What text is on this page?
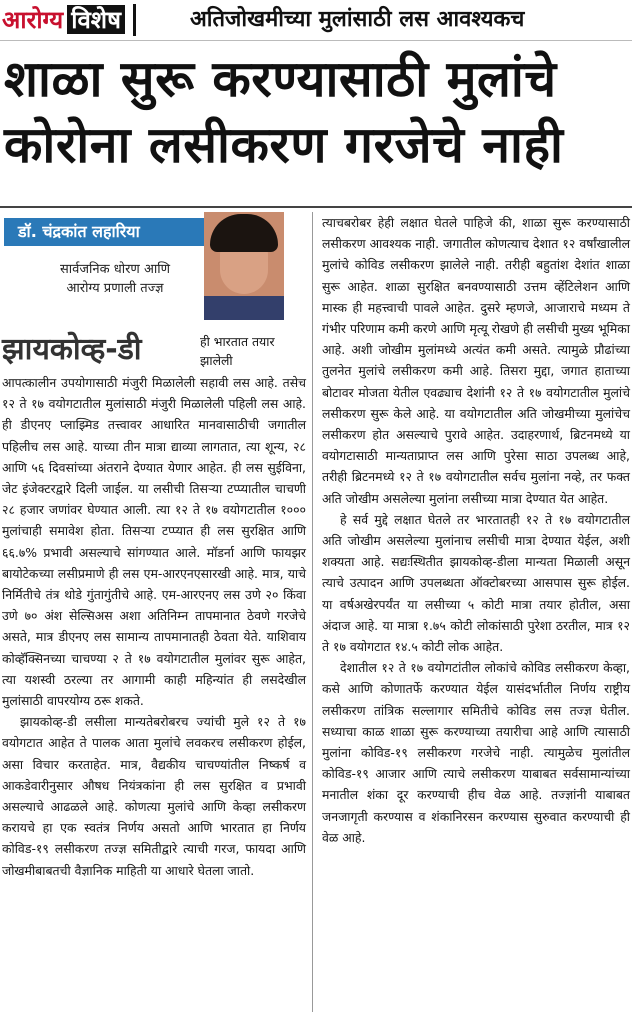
आरोग्य विशेष	अतिजोखमीच्या मुलांसाठी लस आवश्यकच
शाळा सुरू करण्यासाठी मुलांचे
कोरोना लसीकरण गरजेचे नाही
डॉ. चंद्रकांत लहारिया
सार्वजनिक धोरण आणि
आरोग्य प्रणाली तज्ज्ञ
झायकोव्ह-डी	ही भारतात तयार झालेली

आपत्कालीन उपयोगासाठी मंजुरी मिळालेली सहावी लस आहे. तसेच १२ ते १७ वयोगटातील मुलांसाठी मंजुरी मिळालेली पहिली लस आहे. ही डीएनए प्लाझ्मिड तत्त्वावर आधारित मानवासाठीची जगातील पहिलीच लस आहे. याच्या तीन मात्रा द्याव्या लागतात, त्या शून्य, २८ आणि ५६ दिवसांच्या अंतराने देण्यात येणार आहेत. ही लस सुईविना, जेट इंजेक्टरद्वारे दिली जाईल. या लसीची तिसऱ्या टप्प्यातील चाचणी २८ हजार जणांवर घेण्यात आली. त्या १२ ते १७ वयोगटातील १००० मुलांचाही समावेश होता. तिसऱ्या टप्प्यात ही लस सुरक्षित आणि ६६.७% प्रभावी असल्याचे सांगण्यात आले. मॉडर्ना आणि फायझर बायोटेकच्या लसीप्रमाणे ही लस एम-आरएनएसारखी आहे. मात्र, याचे निर्मितीचे तंत्र थोडे गुंतागुंतीचे आहे. एम-आरएनए लस उणे २० किंवा उणे ७० अंश सेल्सिअस अशा अतिनिम्न तापमानात ठेवणे गरजेचे असते, मात्र डीएनए लस सामान्य तापमानातही ठेवता येते. याशिवाय कोव्हॅक्सिनच्या चाचण्या २ ते १७ वयोगटातील मुलांवर सुरू आहेत, त्या यशस्वी ठरल्या तर आगामी काही महिन्यांत ही लसदेखील मुलांसाठी वापरयोग्य ठरू शकते.

झायकोव्ह-डी लसीला मान्यतेबरोबरच ज्यांची मुले १२ ते १७ वयोगटात आहेत ते पालक आता मुलांचे लवकरच लसीकरण होईल, असा विचार करताहेत. मात्र, वैद्यकीय चाचण्यांतील निष्कर्ष व आकडेवारीनुसार औषध नियंत्रकांना ही लस सुरक्षित व प्रभावी असल्याचे आढळले आहे. कोणत्या मुलांचे आणि केव्हा लसीकरण करायचे हा एक स्वतंत्र निर्णय असतो आणि भारतात हा निर्णय कोविड-१९ लसीकरण तज्ज्ञ समितीद्वारे त्याची गरज, फायदा आणि जोखमीबाबतची वैज्ञानिक माहिती या आधारे घेतला जातो.

त्याचबरोबर हेही लक्षात घेतले पाहिजे की, शाळा सुरू करण्यासाठी लसीकरण आवश्यक नाही. जगातील कोणत्याच देशात १२ वर्षांखालील मुलांचे कोविड लसीकरण झालेले नाही. तरीही बहुतांश देशांत शाळा सुरू आहेत. शाळा सुरक्षित बनवण्यासाठी उत्तम व्हेंटिलेशन आणि मास्क ही महत्त्वाची पावले आहेत. दुसरे म्हणजे, आजाराचे मध्यम ते गंभीर परिणाम कमी करणे आणि मृत्यू रोखणे ही लसीची मुख्य भूमिका आहे. अशी जोखीम मुलांमध्ये अत्यंत कमी असते. त्यामुळे प्रौढांच्या तुलनेत मुलांचे लसीकरण कमी आहे. तिसरा मुद्दा, जगात हाताच्या बोटावर मोजता येतील एवढ्याच देशांनी १२ ते १७ वयोगटातील मुलांचे लसीकरण सुरू केले आहे. या वयोगटातील अति जोखमीच्या मुलांचेच लसीकरण होत असल्याचे पुरावे आहेत. उदाहरणार्थ, ब्रिटनमध्ये या वयोगटासाठी मान्यताप्राप्त लस आणि पुरेसा साठा उपलब्ध आहे, तरीही ब्रिटनमध्ये १२ ते १७ वयोगटातील सर्वच मुलांना नव्हे, तर फक्त अति जोखीम असलेल्या मुलांना लसीच्या मात्रा देण्यात येत आहेत.

हे सर्व मुद्दे लक्षात घेतले तर भारतातही १२ ते १७ वयोगटातील अति जोखीम असलेल्या मुलांनाच लसीची मात्रा देण्यात येईल, अशी शक्यता आहे. सद्यःस्थितीत झायकोव्ह-डीला मान्यता मिळाली असून त्याचे उत्पादन आणि उपलब्धता ऑक्टोबरच्या आसपास सुरू होईल. या वर्षअखेरपर्यंत या लसीच्या ५ कोटी मात्रा तयार होतील, असा अंदाज आहे. या मात्रा १.७५ कोटी लोकांसाठी पुरेशा ठरतील, मात्र १२ ते १७ वयोगटात १४.५ कोटी लोक आहेत.

देशातील १२ ते १७ वयोगटांतील लोकांचे कोविड लसीकरण केव्हा, कसे आणि कोणातर्फे करण्यात येईल यासंदर्भातील निर्णय राष्ट्रीय लसीकरण तांत्रिक सल्लागार समितीचे कोविड लस तज्ज्ञ घेतील. सध्याचा काळ शाळा सुरू करण्याच्या तयारीचा आहे आणि त्यासाठी मुलांना कोविड-१९ लसीकरण गरजेचे नाही. त्यामुळेच मुलांतील कोविड-१९ आजार आणि त्याचे लसीकरण याबाबत सर्वसामान्यांच्या मनातील शंका दूर करण्याची हीच वेळ आहे. तज्ज्ञांनी याबाबत जनजागृती करण्यास व शंकानिरसन करण्यास सुरुवात करण्याची ही वेळ आहे.
